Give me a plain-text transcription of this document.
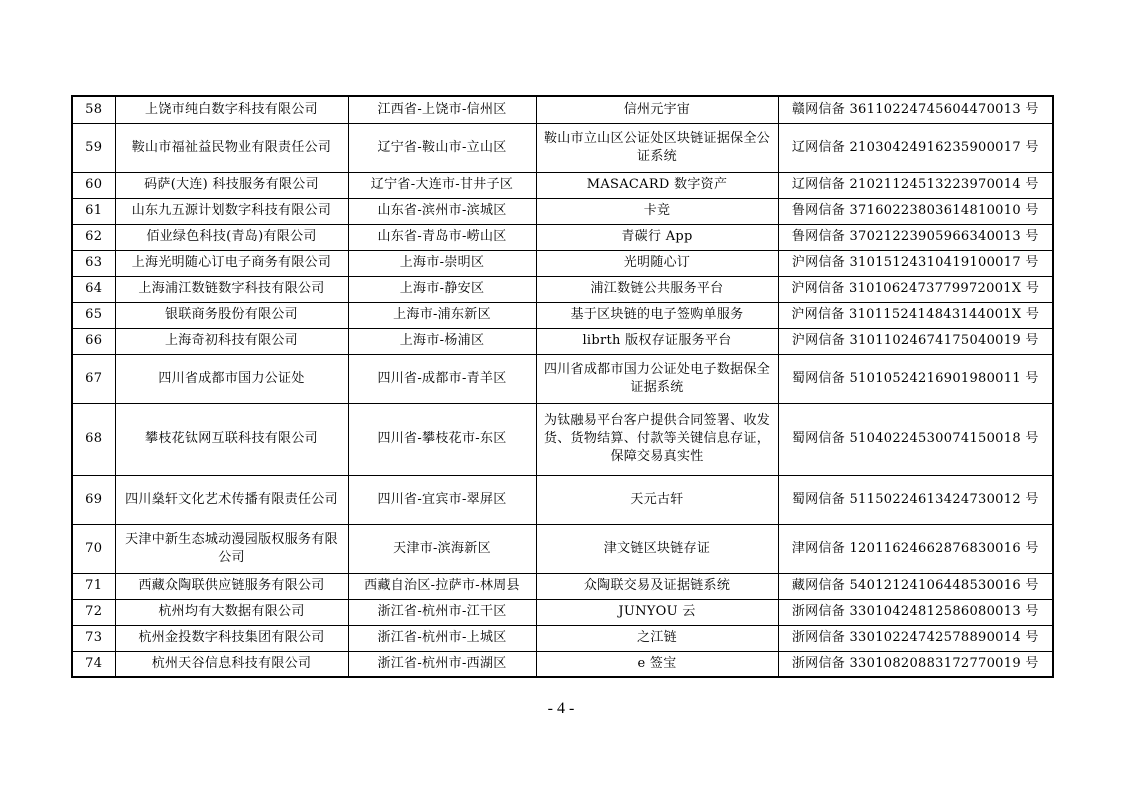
58	上饶市纯白数字科技有限公司	江西省-上饶市-信州区	信州元宇宙	赣网信备 36110224745604470013 号
59	鞍山市福祉益民物业有限责任公司	辽宁省-鞍山市-立山区	鞍山市立山区公证处区块链证据保全公证系统	辽网信备 21030424916235900017 号
60	码萨(大连) 科技服务有限公司	辽宁省-大连市-甘井子区	MASACARD 数字资产	辽网信备 21021124513223970014 号
61	山东九五源计划数字科技有限公司	山东省-滨州市-滨城区	卡竞	鲁网信备 37160223803614810010 号
62	佰业绿色科技(青岛)有限公司	山东省-青岛市-崂山区	青碳行 App	鲁网信备 37021223905966340013 号
63	上海光明随心订电子商务有限公司	上海市-崇明区	光明随心订	沪网信备 31015124310419100017 号
64	上海浦江数链数字科技有限公司	上海市-静安区	浦江数链公共服务平台	沪网信备 3101062473779972001X 号
65	银联商务股份有限公司	上海市-浦东新区	基于区块链的电子签购单服务	沪网信备 3101152414843144001X 号
66	上海奇初科技有限公司	上海市-杨浦区	librth 版权存证服务平台	沪网信备 31011024674175040019 号
67	四川省成都市国力公证处	四川省-成都市-青羊区	四川省成都市国力公证处电子数据保全证据系统	蜀网信备 51010524216901980011 号
68	攀枝花钛网互联科技有限公司	四川省-攀枝花市-东区	为钛融易平台客户提供合同签署、收发货、货物结算、付款等关键信息存证，保障交易真实性	蜀网信备 51040224530074150018 号
69	四川燊轩文化艺术传播有限责任公司	四川省-宜宾市-翠屏区	天元古轩	蜀网信备 51150224613424730012 号
70	天津中新生态城动漫园版权服务有限公司	天津市-滨海新区	津文链区块链存证	津网信备 12011624662876830016 号
71	西藏众陶联供应链服务有限公司	西藏自治区-拉萨市-林周县	众陶联交易及证据链系统	藏网信备 54012124106448530016 号
72	杭州均有大数据有限公司	浙江省-杭州市-江干区	JUNYOU 云	浙网信备 33010424812586080013 号
73	杭州金投数字科技集团有限公司	浙江省-杭州市-上城区	之江链	浙网信备 33010224742578890014 号
74	杭州天谷信息科技有限公司	浙江省-杭州市-西湖区	e 签宝	浙网信备 33010820883172770019 号
- 4 -
